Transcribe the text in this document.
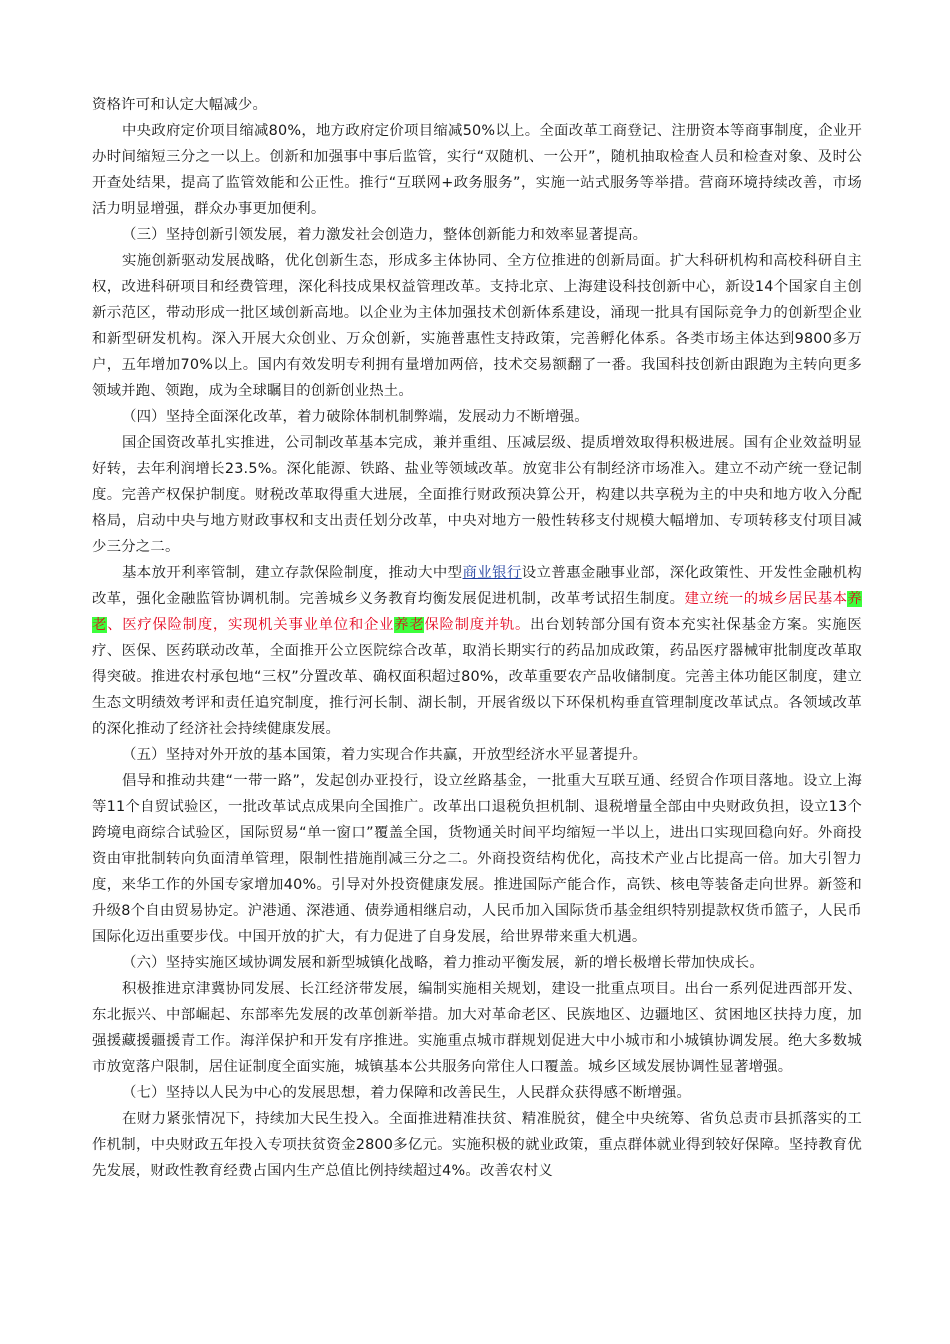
资格许可和认定大幅减少。

中央政府定价项目缩减80%，地方政府定价项目缩减50%以上。全面改革工商登记、注册资本等商事制度，企业开办时间缩短三分之一以上。创新和加强事中事后监管，实行“双随机、一公开”，随机抽取检查人员和检查对象、及时公开查处结果，提高了监管效能和公正性。推行“互联网+政务服务”，实施一站式服务等举措。营商环境持续改善，市场活力明显增强，群众办事更加便利。

（三）坚持创新引领发展，着力激发社会创造力，整体创新能力和效率显著提高。

实施创新驱动发展战略，优化创新生态，形成多主体协同、全方位推进的创新局面。扩大科研机构和高校科研自主权，改进科研项目和经费管理，深化科技成果权益管理改革。支持北京、上海建设科技创新中心，新设14个国家自主创新示范区，带动形成一批区域创新高地。以企业为主体加强技术创新体系建设，涌现一批具有国际竞争力的创新型企业和新型研发机构。深入开展大众创业、万众创新，实施普惠性支持政策，完善孵化体系。各类市场主体达到9800多万户，五年增加70%以上。国内有效发明专利拥有量增加两倍，技术交易额翻了一番。我国科技创新由跟跑为主转向更多领域并跑、领跑，成为全球瞩目的创新创业热土。

（四）坚持全面深化改革，着力破除体制机制弊端，发展动力不断增强。

国企国资改革扎实推进，公司制改革基本完成，兼并重组、压减层级、提质增效取得积极进展。国有企业效益明显好转，去年利润增长23.5%。深化能源、铁路、盐业等领域改革。放宽非公有制经济市场准入。建立不动产统一登记制度。完善产权保护制度。财税改革取得重大进展，全面推行财政预决算公开，构建以共享税为主的中央和地方收入分配格局，启动中央与地方财政事权和支出责任划分改革，中央对地方一般性转移支付规模大幅增加、专项转移支付项目减少三分之二。

基本放开利率管制，建立存款保险制度，推动大中型商业银行设立普惠金融事业部，深化政策性、开发性金融机构改革，强化金融监管协调机制。完善城乡义务教育均衡发展促进机制，改革考试招生制度。建立统一的城乡居民基本养老、医疗保险制度，实现机关事业单位和企业养老保险制度并轨。出台划转部分国有资本充实社保基金方案。实施医疗、医保、医药联动改革，全面推开公立医院综合改革，取消长期实行的药品加成政策，药品医疗器械审批制度改革取得突破。推进农村承包地“三权”分置改革、确权面积超过80%，改革重要农产品收储制度。完善主体功能区制度，建立生态文明绩效考评和责任追究制度，推行河长制、湖长制，开展省级以下环保机构垂直管理制度改革试点。各领域改革的深化推动了经济社会持续健康发展。

（五）坚持对外开放的基本国策，着力实现合作共赢，开放型经济水平显著提升。

倡导和推动共建“一带一路”，发起创办亚投行，设立丝路基金，一批重大互联互通、经贸合作项目落地。设立上海等11个自贸试验区，一批改革试点成果向全国推广。改革出口退税负担机制、退税增量全部由中央财政负担，设立13个跨境电商综合试验区，国际贸易“单一窗口”覆盖全国，货物通关时间平均缩短一半以上，进出口实现回稳向好。外商投资由审批制转向负面清单管理，限制性措施削减三分之二。外商投资结构优化，高技术产业占比提高一倍。加大引智力度，来华工作的外国专家增加40%。引导对外投资健康发展。推进国际产能合作，高铁、核电等装备走向世界。新签和升级8个自由贸易协定。沪港通、深港通、债券通相继启动，人民币加入国际货币基金组织特别提款权货币篮子，人民币国际化迈出重要步伐。中国开放的扩大，有力促进了自身发展，给世界带来重大机遇。

（六）坚持实施区域协调发展和新型城镇化战略，着力推动平衡发展，新的增长极增长带加快成长。

积极推进京津冀协同发展、长江经济带发展，编制实施相关规划，建设一批重点项目。出台一系列促进西部开发、东北振兴、中部崛起、东部率先发展的改革创新举措。加大对革命老区、民族地区、边疆地区、贫困地区扶持力度，加强援藏援疆援青工作。海洋保护和开发有序推进。实施重点城市群规划促进大中小城市和小城镇协调发展。绝大多数城市放宽落户限制，居住证制度全面实施，城镇基本公共服务向常住人口覆盖。城乡区域发展协调性显著增强。

（七）坚持以人民为中心的发展思想，着力保障和改善民生，人民群众获得感不断增强。

在财力紧张情况下，持续加大民生投入。全面推进精准扶贫、精准脱贫，健全中央统筹、省负总责市县抓落实的工作机制，中央财政五年投入专项扶贫资金2800多亿元。实施积极的就业政策，重点群体就业得到较好保障。坚持教育优先发展，财政性教育经费占国内生产总值比例持续超过4%。改善农村义
